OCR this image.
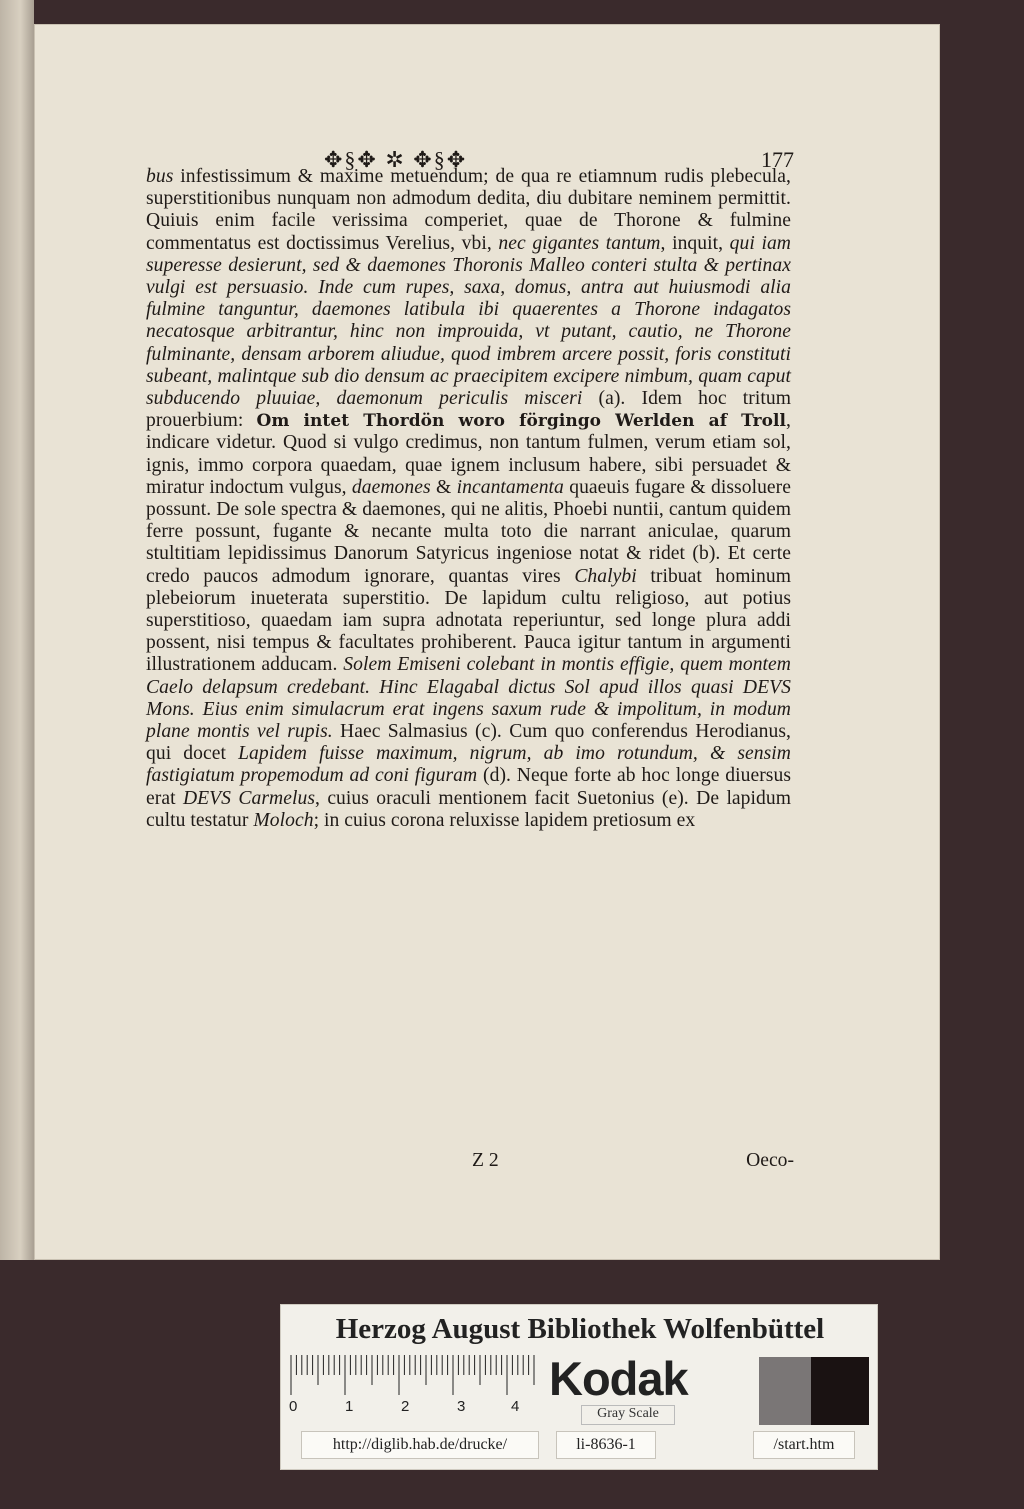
✥§✥ ✲ ✥§✥	177

bus infestissimum & maxime metuendum; de qua re etiamnum rudis plebecula, superstitionibus nunquam non admodum dedita, diu dubitare neminem permittit. Quiuis enim facile verissima comperiet, quae de Thorone & fulmine commentatus est doctissimus Verelius, vbi, nec gigantes tantum, inquit, qui iam superesse desierunt, sed & daemones Thoronis Malleo conteri stulta & pertinax vulgi est persuasio. Inde cum rupes, saxa, domus, antra aut huiusmodi alia fulmine tanguntur, daemones latibula ibi quaerentes a Thorone indagatos necatosque arbitrantur, hinc non improuida, vt putant, cautio, ne Thorone fulminante, densam arborem aliudue, quod imbrem arcere possit, foris constituti subeant, malintque sub dio densum ac praecipitem excipere nimbum, quam caput subducendo pluuiae, daemonum periculis misceri (a). Idem hoc tritum prouerbium: Om intet Thordön woro förgingo Werlden af Troll, indicare videtur. Quod si vulgo credimus, non tantum fulmen, verum etiam sol, ignis, immo corpora quaedam, quae ignem inclusum habere, sibi persuadet & miratur indoctum vulgus, daemones & incantamenta quaeuis fugare & dissoluere possunt. De sole spectra & daemones, qui ne alitis, Phoebi nuntii, cantum quidem ferre possunt, fugante & necante multa toto die narrant aniculae, quarum stultitiam lepidissimus Danorum Satyricus ingeniose notat & ridet (b). Et certe credo paucos admodum ignorare, quantas vires Chalybi tribuat hominum plebeiorum inueterata superstitio. De lapidum cultu religioso, aut potius superstitioso, quaedam iam supra adnotata reperiuntur, sed longe plura addi possent, nisi tempus & facultates prohiberent. Pauca igitur tantum in argumenti illustrationem adducam. Solem Emiseni colebant in montis effigie, quem montem Caelo delapsum credebant. Hinc Elagabal dictus Sol apud illos quasi DEVS Mons. Eius enim simulacrum erat ingens saxum rude & impolitum, in modum plane montis vel rupis. Haec Salmasius (c). Cum quo conferendus Herodianus, qui docet Lapidem fuisse maximum, nigrum, ab imo rotundum, & sensim fastigiatum propemodum ad coni figuram (d). Neque forte ab hoc longe diuersus erat DEVS Carmelus, cuius oraculi mentionem facit Suetonius (e). De lapidum cultu testatur Moloch; in cuius corona reluxisse lapidem pretiosum ex

Z 2	Oeco-
Herzog August Bibliothek Wolfenbüttel
0	1	2	3	4
Kodak
Gray Scale
http://diglib.hab.de/drucke/	li-8636-1	/start.htm
